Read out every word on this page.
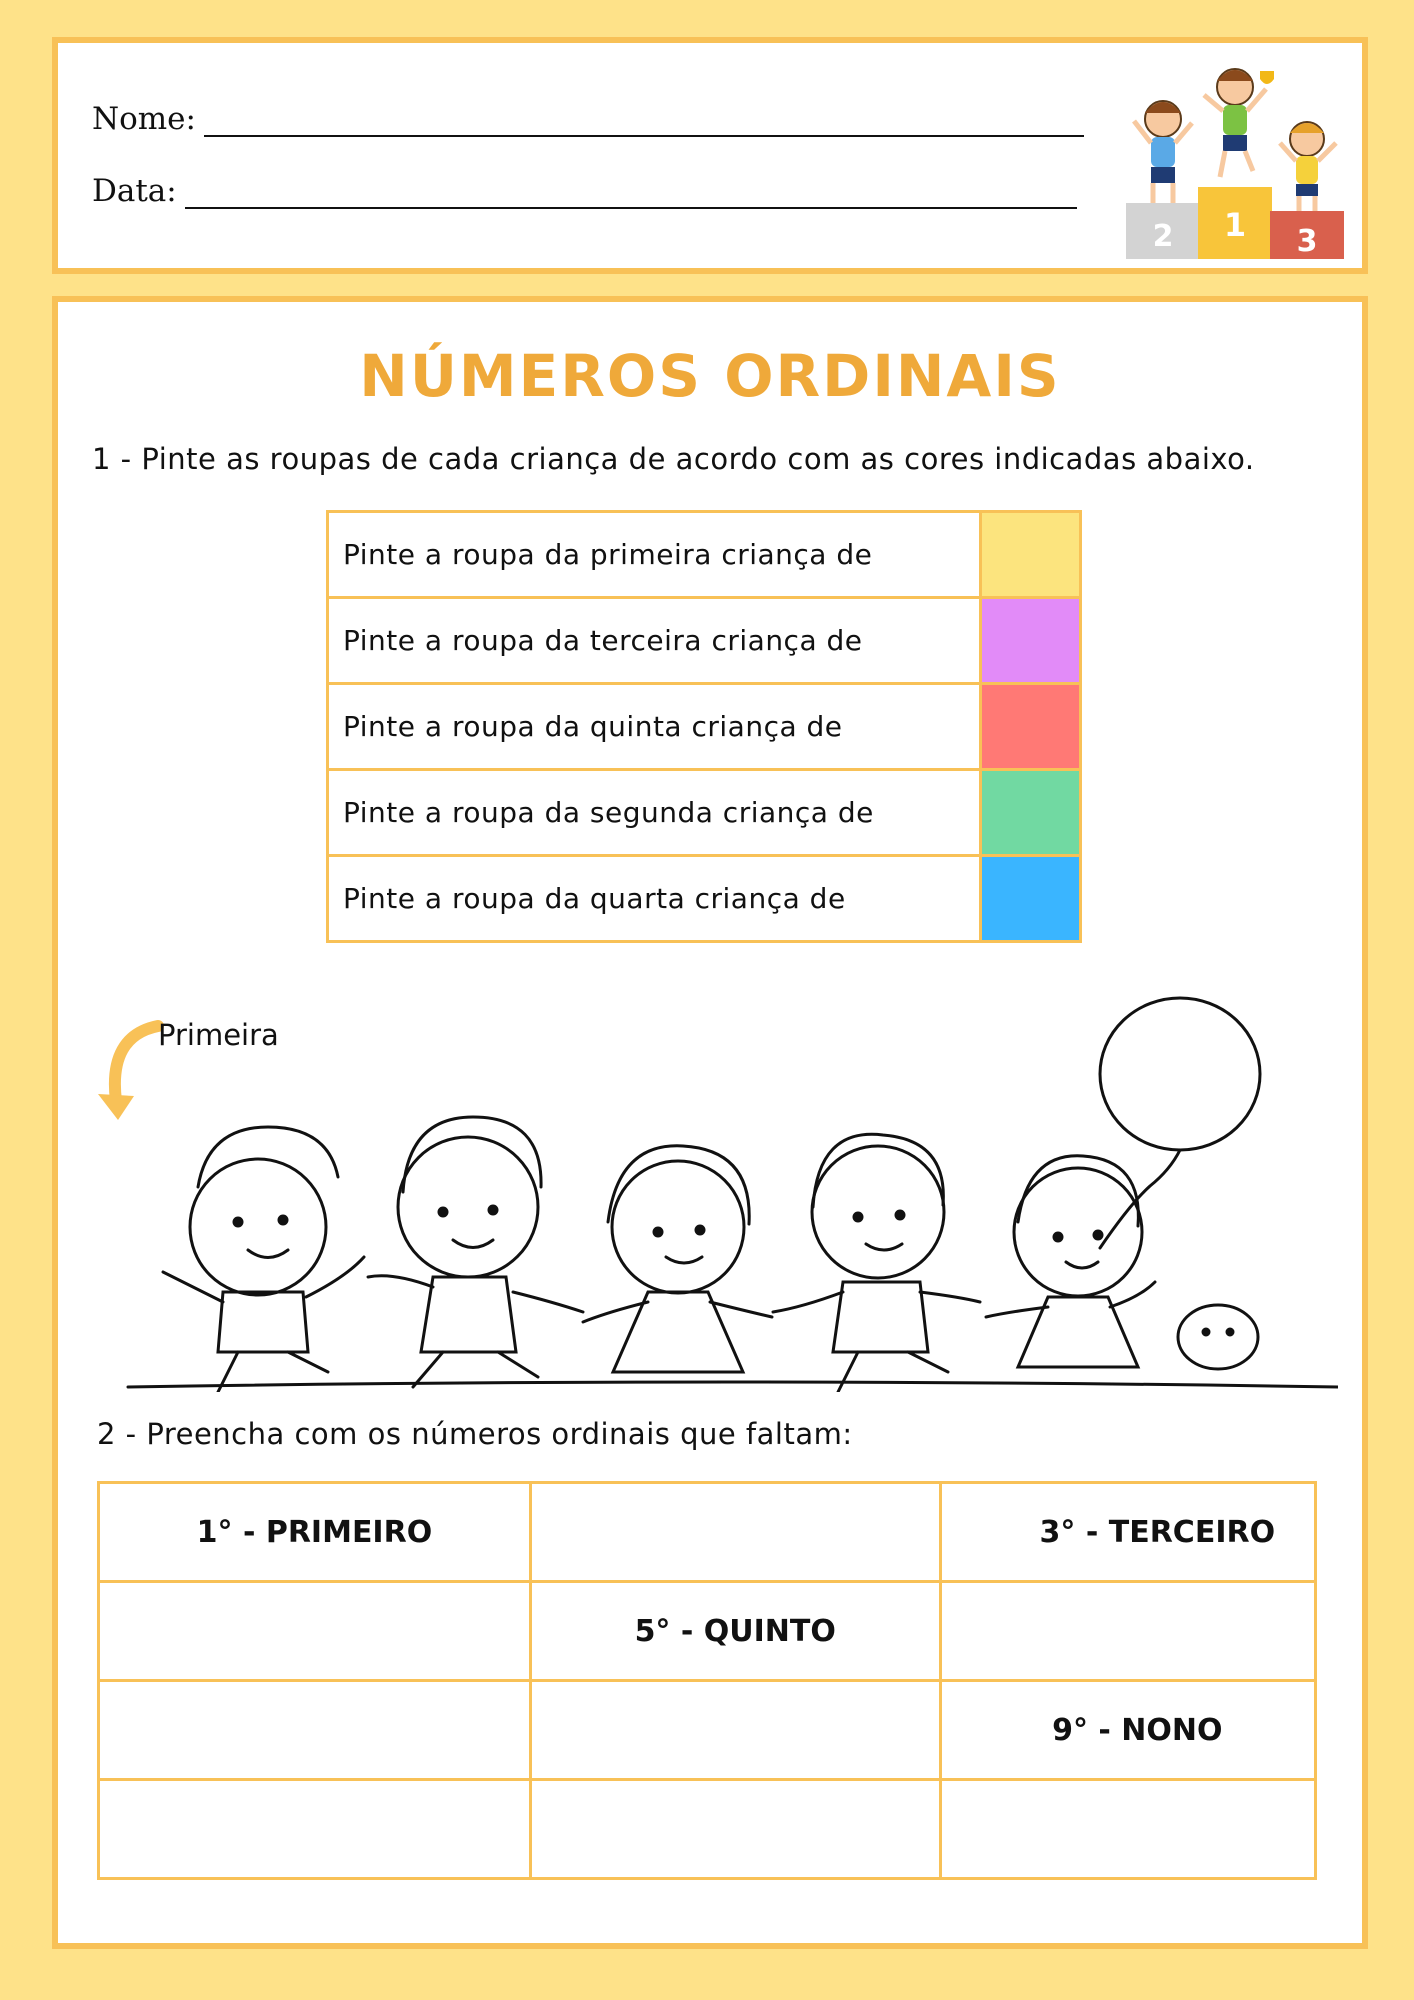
Nome:
Data:
2 1 3
NÚMEROS ORDINAIS
1 - Pinte as roupas de cada criança de acordo com as cores indicadas abaixo.
Pinte a roupa da primeira criança de	
Pinte a roupa da terceira criança de	
Pinte a roupa da quinta criança de	
Pinte a roupa da segunda criança de	
Pinte a roupa da quarta criança de	
Primeira
2 - Preencha com os números ordinais que faltam:
1° - PRIMEIRO		3° - TERCEIRO
	5° - QUINTO	
		9° - NONO
